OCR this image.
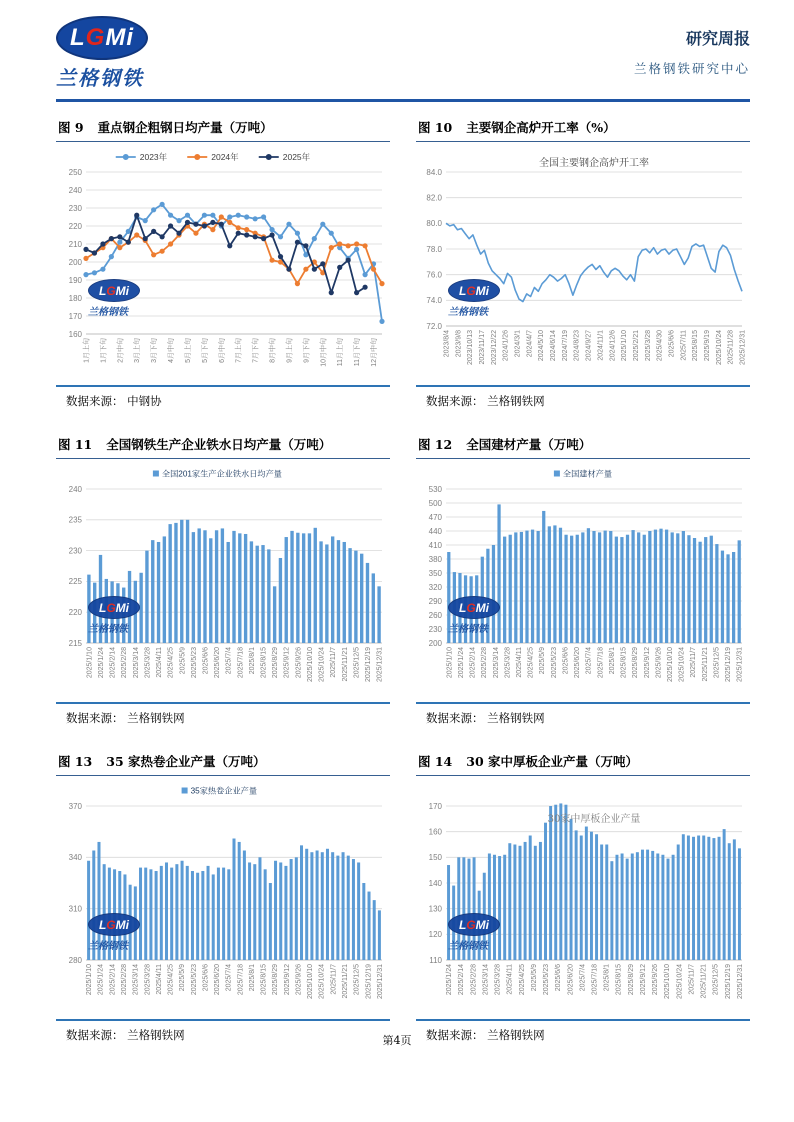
L G Mi
兰格钢铁
研究周报
兰格钢铁研究中心
图 9 重点钢企粗钢日均产量（万吨）
160
170
180
190
200
210
220
230
240
250
1月上旬 1月下旬 2月中旬 3月上旬 3月下旬 4月中旬 5月上旬 5月下旬 6月中旬 7月上旬 7月下旬 8月中旬 9月上旬 9月下旬 10月中旬 11月上旬 11月下旬 12月中旬
2023年	2024年	2025年
L G Mi
兰格钢铁
数据来源： 中钢协
图 10 主要钢企高炉开工率（%）
72.0
74.0
76.0
78.0
80.0
82.0
84.0
2023/8/4 2023/9/8 2023/10/13 2023/11/17 2023/12/22 2024/1/26 2024/3/1 2024/4/7 2024/5/10 2024/6/14 2024/7/19 2024/8/23 2024/9/27 2024/11/1 2024/12/6 2025/1/10 2025/2/21 2025/3/28 2025/4/30 2025/6/6 2025/7/11 2025/8/15 2025/9/19 2025/10/24 2025/11/28 2025/12/31
全国主要钢企高炉开工率
L G Mi
兰格钢铁
数据来源： 兰格钢铁网
图 11 全国钢铁生产企业铁水日均产量（万吨）
215
220
225
230
235
240
2025/1/10 2025/1/24 2025/2/14 2025/2/28 2025/3/14 2025/3/28 2025/4/11 2025/4/25 2025/5/9 2025/5/23 2025/6/6 2025/6/20 2025/7/4 2025/7/18 2025/8/1 2025/8/15 2025/8/29 2025/9/12 2025/9/26 2025/10/10 2025/10/24 2025/11/7 2025/11/21 2025/12/5 2025/12/19 2025/12/31
全国201家生产企业铁水日均产量
L G Mi
兰格钢铁
数据来源： 兰格钢铁网
图 12 全国建材产量（万吨）
200
230
260
290
320
350
380
410
440
470
500
530
2025/1/10 2025/1/24 2025/2/14 2025/2/28 2025/3/14 2025/3/28 2025/4/11 2025/4/25 2025/5/9 2025/5/23 2025/6/6 2025/6/20 2025/7/4 2025/7/18 2025/8/1 2025/8/15 2025/8/29 2025/9/12 2025/9/26 2025/10/10 2025/10/24 2025/11/7 2025/11/21 2025/12/5 2025/12/19 2025/12/31
全国建材产量
L G Mi
兰格钢铁
数据来源： 兰格钢铁网
图 13 35 家热卷企业产量（万吨）
280
310
340
370
2025/1/10 2025/1/24 2025/2/14 2025/2/28 2025/3/14 2025/3/28 2025/4/11 2025/4/25 2025/5/9 2025/5/23 2025/6/6 2025/6/20 2025/7/4 2025/7/18 2025/8/1 2025/8/15 2025/8/29 2025/9/12 2025/9/26 2025/10/10 2025/10/24 2025/11/7 2025/11/21 2025/12/5 2025/12/19 2025/12/31
35家热卷企业产量
L G Mi
兰格钢铁
数据来源： 兰格钢铁网
图 14 30 家中厚板企业产量（万吨）
110
120
130
140
150
160
170
2025/1/24 2025/2/14 2025/2/28 2025/3/14 2025/3/28 2025/4/11 2025/4/25 2025/5/9 2025/5/23 2025/6/6 2025/6/20 2025/7/4 2025/7/18 2025/8/1 2025/8/15 2025/8/29 2025/9/12 2025/9/26 2025/10/10 2025/10/24 2025/11/7 2025/11/21 2025/12/5 2025/12/19 2025/12/31
30家中厚板企业产量
L G Mi
兰格钢铁
数据来源： 兰格钢铁网
第4页
